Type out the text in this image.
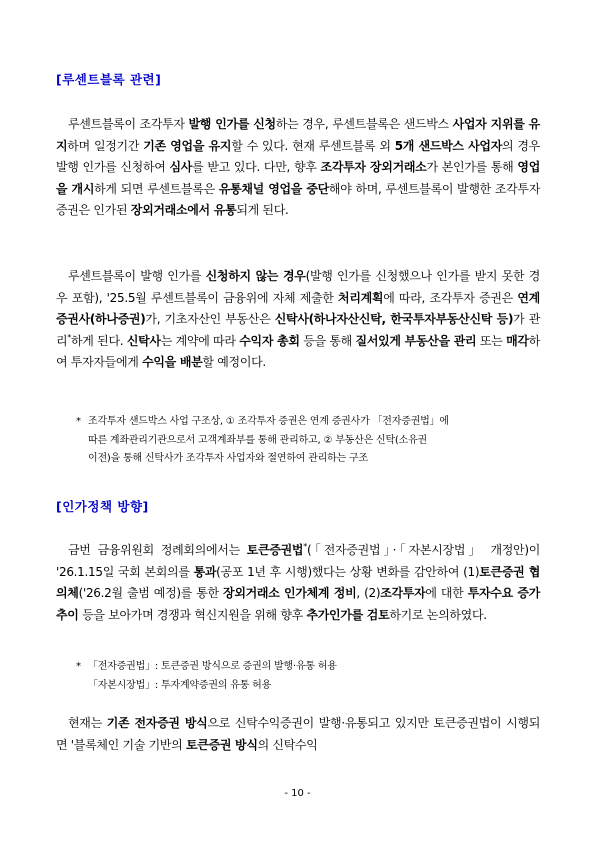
[루센트블록 관련]
루센트블록이 조각투자 발행 인가를 신청하는 경우, 루센트블록은 샌드박스 사업자 지위를 유지하며 일정기간 기존 영업을 유지할 수 있다. 현재 루센트블록 외 5개 샌드박스 사업자의 경우 발행 인가를 신청하여 심사를 받고 있다. 다만, 향후 조각투자 장외거래소가 본인가를 통해 영업을 개시하게 되면 루센트블록은 유통채널 영업을 중단해야 하며, 루센트블록이 발행한 조각투자 증권은 인가된 장외거래소에서 유통되게 된다.
루센트블록이 발행 인가를 신청하지 않는 경우(발행 인가를 신청했으나 인가를 받지 못한 경우 포함), '25.5월 루센트블록이 금융위에 자체 제출한 처리계획에 따라, 조각투자 증권은 연계 증권사(하나증권)가, 기초자산인 부동산은 신탁사(하나자산신탁, 한국투자부동산신탁 등)가 관리*하게 된다. 신탁사는 계약에 따라 수익자 총회 등을 통해 질서있게 부동산을 관리 또는 매각하여 투자자들에게 수익을 배분할 예정이다.
* 조각투자 샌드박스 사업 구조상, ① 조각투자 증권은 연계 증권사가 「전자증권법」에
따른 계좌관리기관으로서 고객계좌부를 통해 관리하고, ② 부동산은 신탁(소유권
이전)을 통해 신탁사가 조각투자 사업자와 절연하여 관리하는 구조
[인가정책 방향]
금번 금융위원회 정례회의에서는 토큰증권법*(「전자증권법」·「자본시장법」 개정안)이 '26.1.15일 국회 본회의를 통과(공포 1년 후 시행)했다는 상황 변화를 감안하여 (1)토큰증권 협의체('26.2월 출범 예정)를 통한 장외거래소 인가체계 정비, (2)조각투자에 대한 투자수요 증가 추이 등을 보아가며 경쟁과 혁신지원을 위해 향후 추가인가를 검토하기로 논의하였다.
* 「전자증권법」: 토큰증권 방식으로 증권의 발행·유통 허용
「자본시장법」: 투자계약증권의 유통 허용
현재는 기존 전자증권 방식으로 신탁수익증권이 발행·유통되고 있지만 토큰증권법이 시행되면 '블록체인 기술 기반의 토큰증권 방식의 신탁수익
- 10 -
